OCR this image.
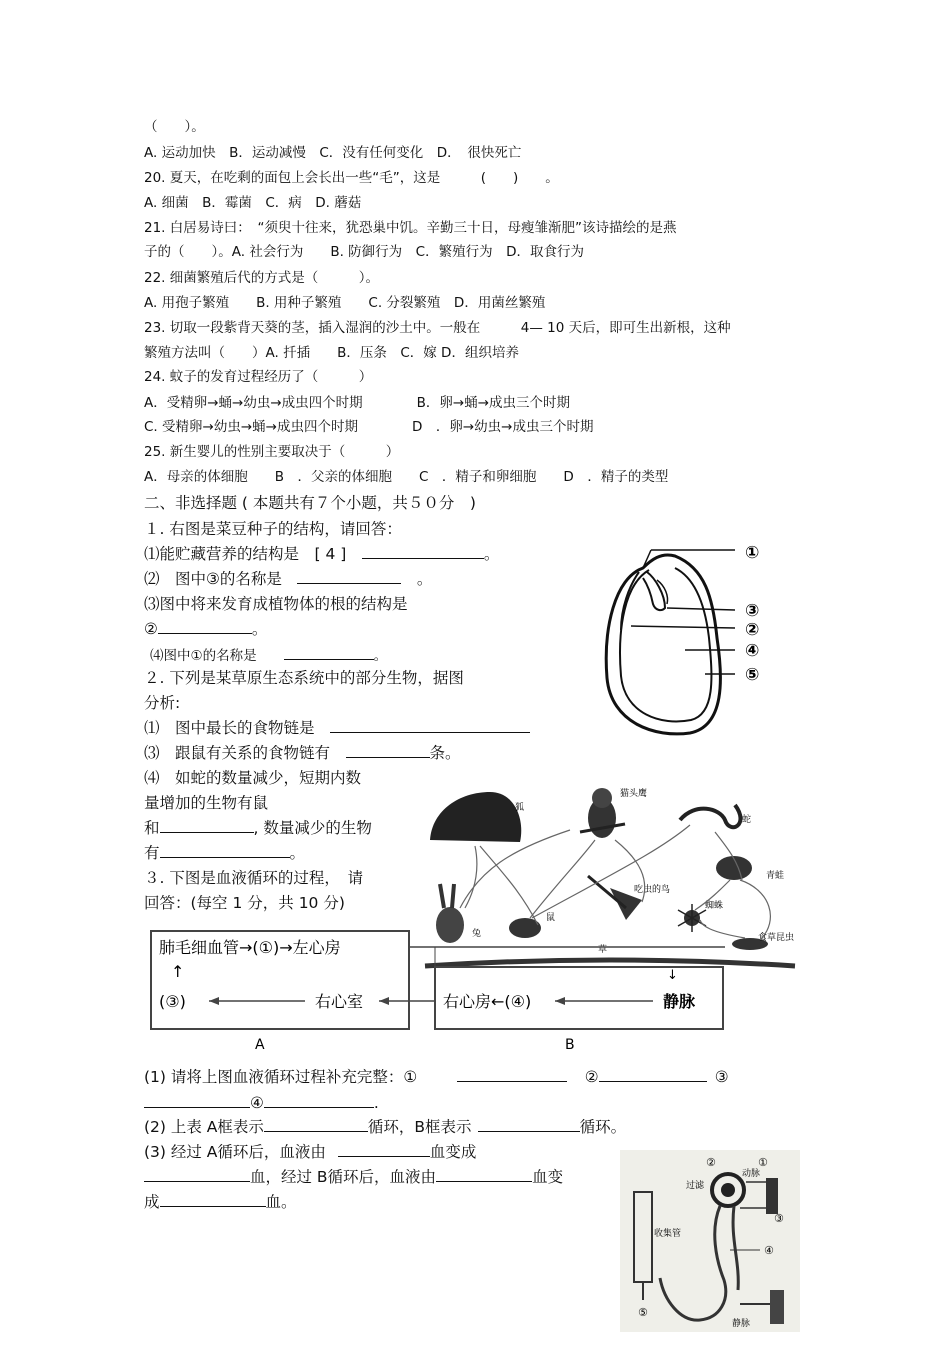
（　　）。
A. 运动加快　B．运动减慢　C．没有任何变化　D．　很快死亡
20. 夏天，在吃剩的面包上会长出一些“毛”，这是　　　(　　)　　。
A. 细菌　B．霉菌　C．病　D. 蘑菇
21. 白居易诗曰：　“须臾十往来，犹恐巢中饥。辛勤三十日，母瘦雏渐肥”该诗描绘的是燕
子的（　　）。A. 社会行为　　B. 防御行为　C．繁殖行为　D．取食行为
22. 细菌繁殖后代的方式是（　　　）。
A. 用孢子繁殖　　B. 用种子繁殖　　C. 分裂繁殖　D．用菌丝繁殖
23. 切取一段紫背天葵的茎，插入湿润的沙土中。一般在　　　4— 10 天后，即可生出新根，这种
繁殖方法叫（　　）A. 扦插　　B．压条　C．嫁 D．组织培养
24. 蚊子的发育过程经历了（　　　）
A．受精卵→蛹→幼虫→成虫四个时期　　　　B．卵→蛹→成虫三个时期
C. 受精卵→幼虫→蛹→成虫四个时期　　　　D　．卵→幼虫→成虫三个时期
25. 新生婴儿的性别主要取决于（　　　）
A．母亲的体细胞　　B　．父亲的体细胞　　C　．精子和卵细胞　　D　．精子的类型
二、非选择题 ( 本题共有７个小题，共５０分　)
１. 右图是菜豆种子的结构，请回答：
⑴能贮藏营养的结构是　[ 4 ]　	。
⑵　图中③的名称是　	　。
⑶图中将来发育成植物体的根的结构是
②	。
⑷图中①的名称是　　	。
２. 下列是某草原生态系统中的部分生物，据图
分析:
⑴　图中最长的食物链是　
⑶　跟鼠有关系的食物链有　	条。
⑷　如蛇的数量减少，短期内数
量增加的生物有鼠
和	, 数量减少的生物
有	。
３. 下图是血液循环的过程，　请
回答：(每空 1 分，共 10 分)
(1) 请将上图血液循环过程补充完整：①　	②	③
④	.
(2) 上表 A框表示	循环，B框表示	循环。
(3) 经过 A循环后，血液由	血变成
血，经过 B循环后，血液由	血变
成	血。
①
③
②
④
⑤
狐
猫头鹰
蛇
青蛙
吃虫的鸟
蜘蛛
食草昆虫
兔
鼠
草
肺毛细血管→(①)→左心房
↑
(③)	右心室	右心房←(④)	静脉
↓
A	B
①
②
过滤
动脉
③
收集管
④
⑤
静脉
